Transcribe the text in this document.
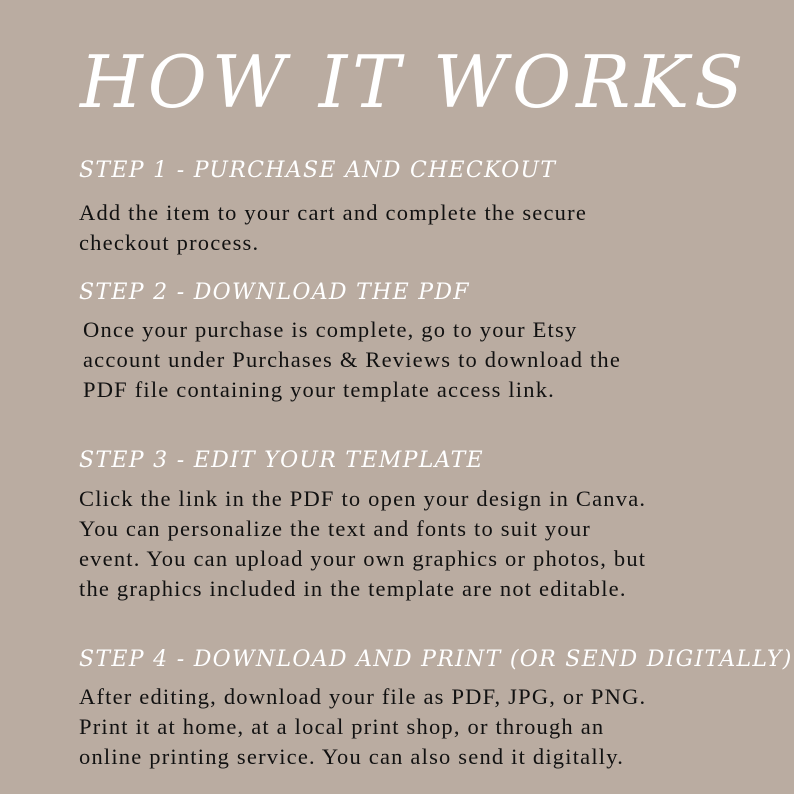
HOW IT WORKS
STEP 1 - PURCHASE AND CHECKOUT

Add the item to your cart and complete the secure
checkout process.

STEP 2 - DOWNLOAD THE PDF

Once your purchase is complete, go to your Etsy
account under Purchases & Reviews to download the
PDF file containing your template access link.

STEP 3 - EDIT YOUR TEMPLATE

Click the link in the PDF to open your design in Canva.
You can personalize the text and fonts to suit your
event. You can upload your own graphics or photos, but
the graphics included in the template are not editable.

STEP 4 - DOWNLOAD AND PRINT (OR SEND DIGITALLY)

After editing, download your file as PDF, JPG, or PNG.
Print it at home, at a local print shop, or through an
online printing service. You can also send it digitally.
